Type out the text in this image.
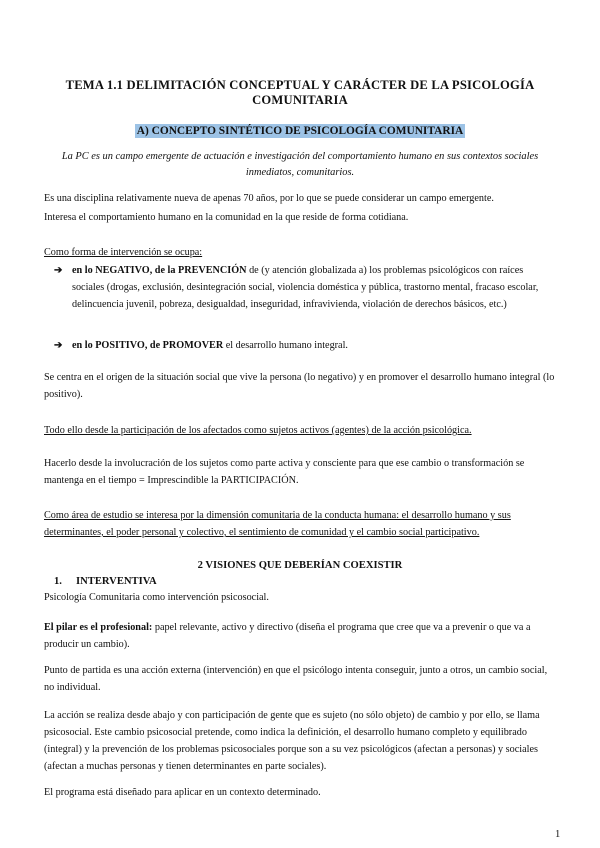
TEMA 1.1 DELIMITACIÓN CONCEPTUAL Y CARÁCTER DE LA PSICOLOGÍA COMUNITARIA
A) CONCEPTO SINTÉTICO DE PSICOLOGÍA COMUNITARIA
La PC es un campo emergente de actuación e investigación del comportamiento humano en sus contextos sociales inmediatos, comunitarios.

Es una disciplina relativamente nueva de apenas 70 años, por lo que se puede considerar un campo emergente.

Interesa el comportamiento humano en la comunidad en la que reside de forma cotidiana.

Como forma de intervención se ocupa:

➔ en lo NEGATIVO, de la PREVENCIÓN de (y atención globalizada a) los problemas psicológicos con raíces sociales (drogas, exclusión, desintegración social, violencia doméstica y pública, trastorno mental, fracaso escolar, delincuencia juvenil, pobreza, desigualdad, inseguridad, infravivienda, violación de derechos básicos, etc.)
➔ en lo POSITIVO, de PROMOVER el desarrollo humano integral.

Se centra en el origen de la situación social que vive la persona (lo negativo) y en promover el desarrollo humano integral (lo positivo).

Todo ello desde la participación de los afectados como sujetos activos (agentes) de la acción psicológica.

Hacerlo desde la involucración de los sujetos como parte activa y consciente para que ese cambio o transformación se mantenga en el tiempo = Imprescindible la PARTICIPACIÓN.

Como área de estudio se interesa por la dimensión comunitaria de la conducta humana: el desarrollo humano y sus determinantes, el poder personal y colectivo, el sentimiento de comunidad y el cambio social participativo.

2 VISIONES QUE DEBERÍAN COEXISTIR
1. INTERVENTIVA

Psicología Comunitaria como intervención psicosocial.

El pilar es el profesional: papel relevante, activo y directivo (diseña el programa que cree que va a prevenir o que va a producir un cambio).

Punto de partida es una acción externa (intervención) en que el psicólogo intenta conseguir, junto a otros, un cambio social, no individual.

La acción se realiza desde abajo y con participación de gente que es sujeto (no sólo objeto) de cambio y por ello, se llama psicosocial. Este cambio psicosocial pretende, como indica la definición, el desarrollo humano completo y equilibrado (integral) y la prevención de los problemas psicosociales porque son a su vez psicológicos (afectan a personas) y sociales (afectan a muchas personas y tienen determinantes en parte sociales).

El programa está diseñado para aplicar en un contexto determinado.

1
